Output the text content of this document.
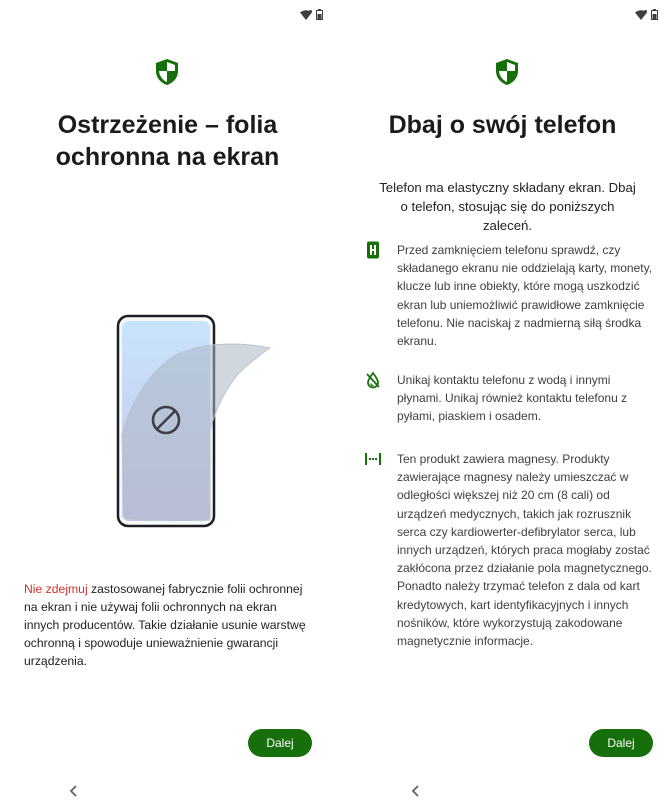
Ostrzeżenie – folia ochronna na ekran
Nie zdejmuj zastosowanej fabrycznie folii ochronnej na ekran i nie używaj folii ochronnych na ekran innych producentów. Takie działanie usunie warstwę ochronną i spowoduje unieważnienie gwarancji urządzenia.
Dalej
Dbaj o swój telefon
Telefon ma elastyczny składany ekran. Dbaj o telefon, stosując się do poniższych zaleceń.
Przed zamknięciem telefonu sprawdź, czy składanego ekranu nie oddzielają karty, monety, klucze lub inne obiekty, które mogą uszkodzić ekran lub uniemożliwić prawidłowe zamknięcie telefonu. Nie naciskaj z nadmierną siłą środka ekranu.
Unikaj kontaktu telefonu z wodą i innymi płynami. Unikaj również kontaktu telefonu z pyłami, piaskiem i osadem.
Ten produkt zawiera magnesy. Produkty zawierające magnesy należy umieszczać w odległości większej niż 20 cm (8 cali) od urządzeń medycznych, takich jak rozrusznik serca czy kardiowerter-defibrylator serca, lub innych urządzeń, których praca mogłaby zostać zakłócona przez działanie pola magnetycznego. Ponadto należy trzymać telefon z dala od kart kredytowych, kart identyfikacyjnych i innych nośników, które wykorzystują zakodowane magnetycznie informacje.
Dalej
